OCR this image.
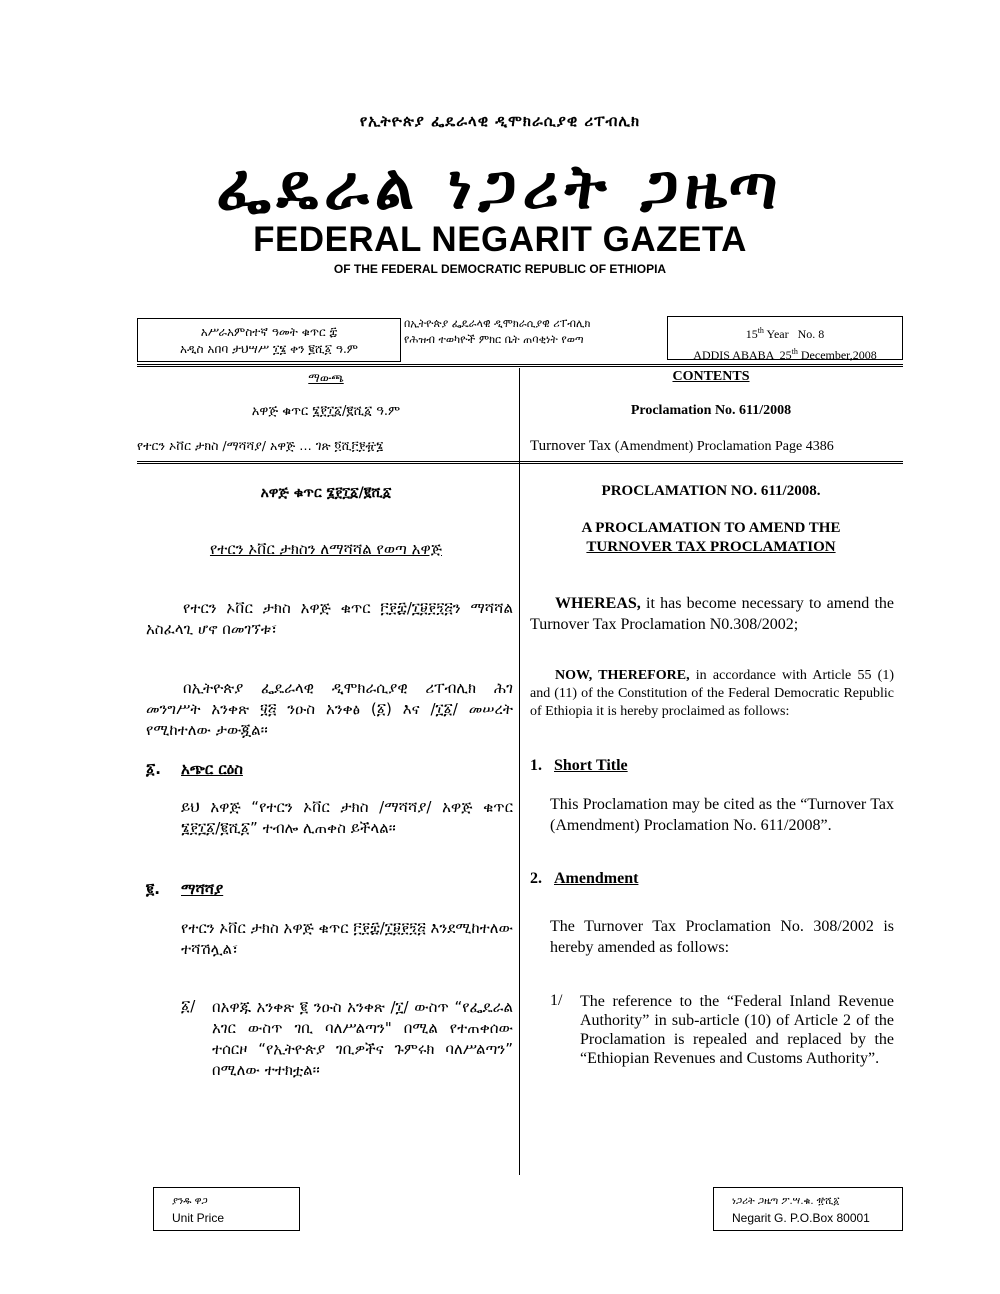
የኢትዮጵያ ፌዴራላዊ ዲሞክራሲያዊ ሪፐብሊክ
ፌዴራል ነጋሪት ጋዜጣ
FEDERAL NEGARIT GAZETA
OF THE FEDERAL DEMOCRATIC REPUBLIC OF ETHIOPIA
አሥራአምስተኛ ዓመት ቁጥር ፰
አዲስ አበባ ታህሣሥ ፲፮ ቀን ፪ሺ፩ ዓ.ም
በኢትዮጵያ ፌዴራላዊ ዲሞክራሲያዊ ሪፐብሊክ
የሕዝብ ተወካዮች ምክር ቤት ጠባቂነት የወጣ	15th Year   No. 8
ADDIS ABABA  25th December,2008
ማውጫ	CONTENTS
አዋጅ ቁጥር ፮፻፲፩/፪ሺ፩ ዓ.ም	Proclamation No. 611/2008
የተርን ኦቨር ታክስ /ማሻሻያ/ አዋጅ … ገጽ ፬ሺ፫፻፹፮	Turnover Tax (Amendment) Proclamation Page 4386
አዋጅ ቁጥር ፮፻፲፩/፪ሺ፩
የተርን ኦቨር ታክስን ለማሻሻል የወጣ አዋጅ
የተርን ኦቨር ታክስ አዋጅ ቁጥር ፫፻፰/፲፱፻፺፭ን ማሻሻል አስፈላጊ ሆኖ በመገኘቱ፣
በኢትዮጵያ ፌዴራላዊ ዲሞክራሲያዊ ሪፐብሊክ ሕገ መንግሥት አንቀጽ ፶፭ ንዑስ አንቀፅ (፩) እና /፲፩/ መሠረት የሚከተለው ታውጇል፡፡
፩. አጭር ርዕስ
ይህ አዋጅ “የተርን ኦቨር ታክስ /ማሻሻያ/ አዋጅ ቁጥር ፮፻፲፩/፪ሺ፩” ተብሎ ሊጠቀስ ይችላል፡፡
፪. ማሻሻያ
የተርን ኦቨር ታክስ አዋጅ ቁጥር ፫፻፰/፲፱፻፺፭ እንደሚከተለው ተሻሽሏል፣
፩/ በአዋጁ አንቀጽ ፪ ንዑስ አንቀጽ /፲/ ውስጥ “የፌዴራል አገር ውስጥ ገቢ ባለሥልጣን" በሚል የተጠቀሰው ተሰርዞ “የኢትዮጵያ ገቢዎችና ጉምሩክ ባለሥልጣን” በሚለው ተተክቷል፡፡
PROCLAMATION NO. 611/2008.
A PROCLAMATION TO AMEND THE
TURNOVER TAX PROCLAMATION
WHEREAS, it has become necessary to amend the Turnover Tax Proclamation N0.308/2002;
NOW, THEREFORE, in accordance with Article 55 (1) and (11) of the Constitution of the Federal Democratic Republic of Ethiopia it is hereby proclaimed as follows:
1. Short Title
This Proclamation may be cited as the “Turnover Tax (Amendment) Proclamation No. 611/2008”.
2. Amendment
The Turnover Tax Proclamation No. 308/2002 is hereby amended as follows:
1/ The reference to the “Federal Inland Revenue Authority” in sub-article (10) of Article 2 of the Proclamation is repealed and replaced by the “Ethiopian Revenues and Customs Authority”.
ያንዱ ዋጋ
Unit Price
ነጋሪት ጋዜጣ ፖ.ሣ.ቁ. ፹ሺ፩
Negarit G. P.O.Box 80001
